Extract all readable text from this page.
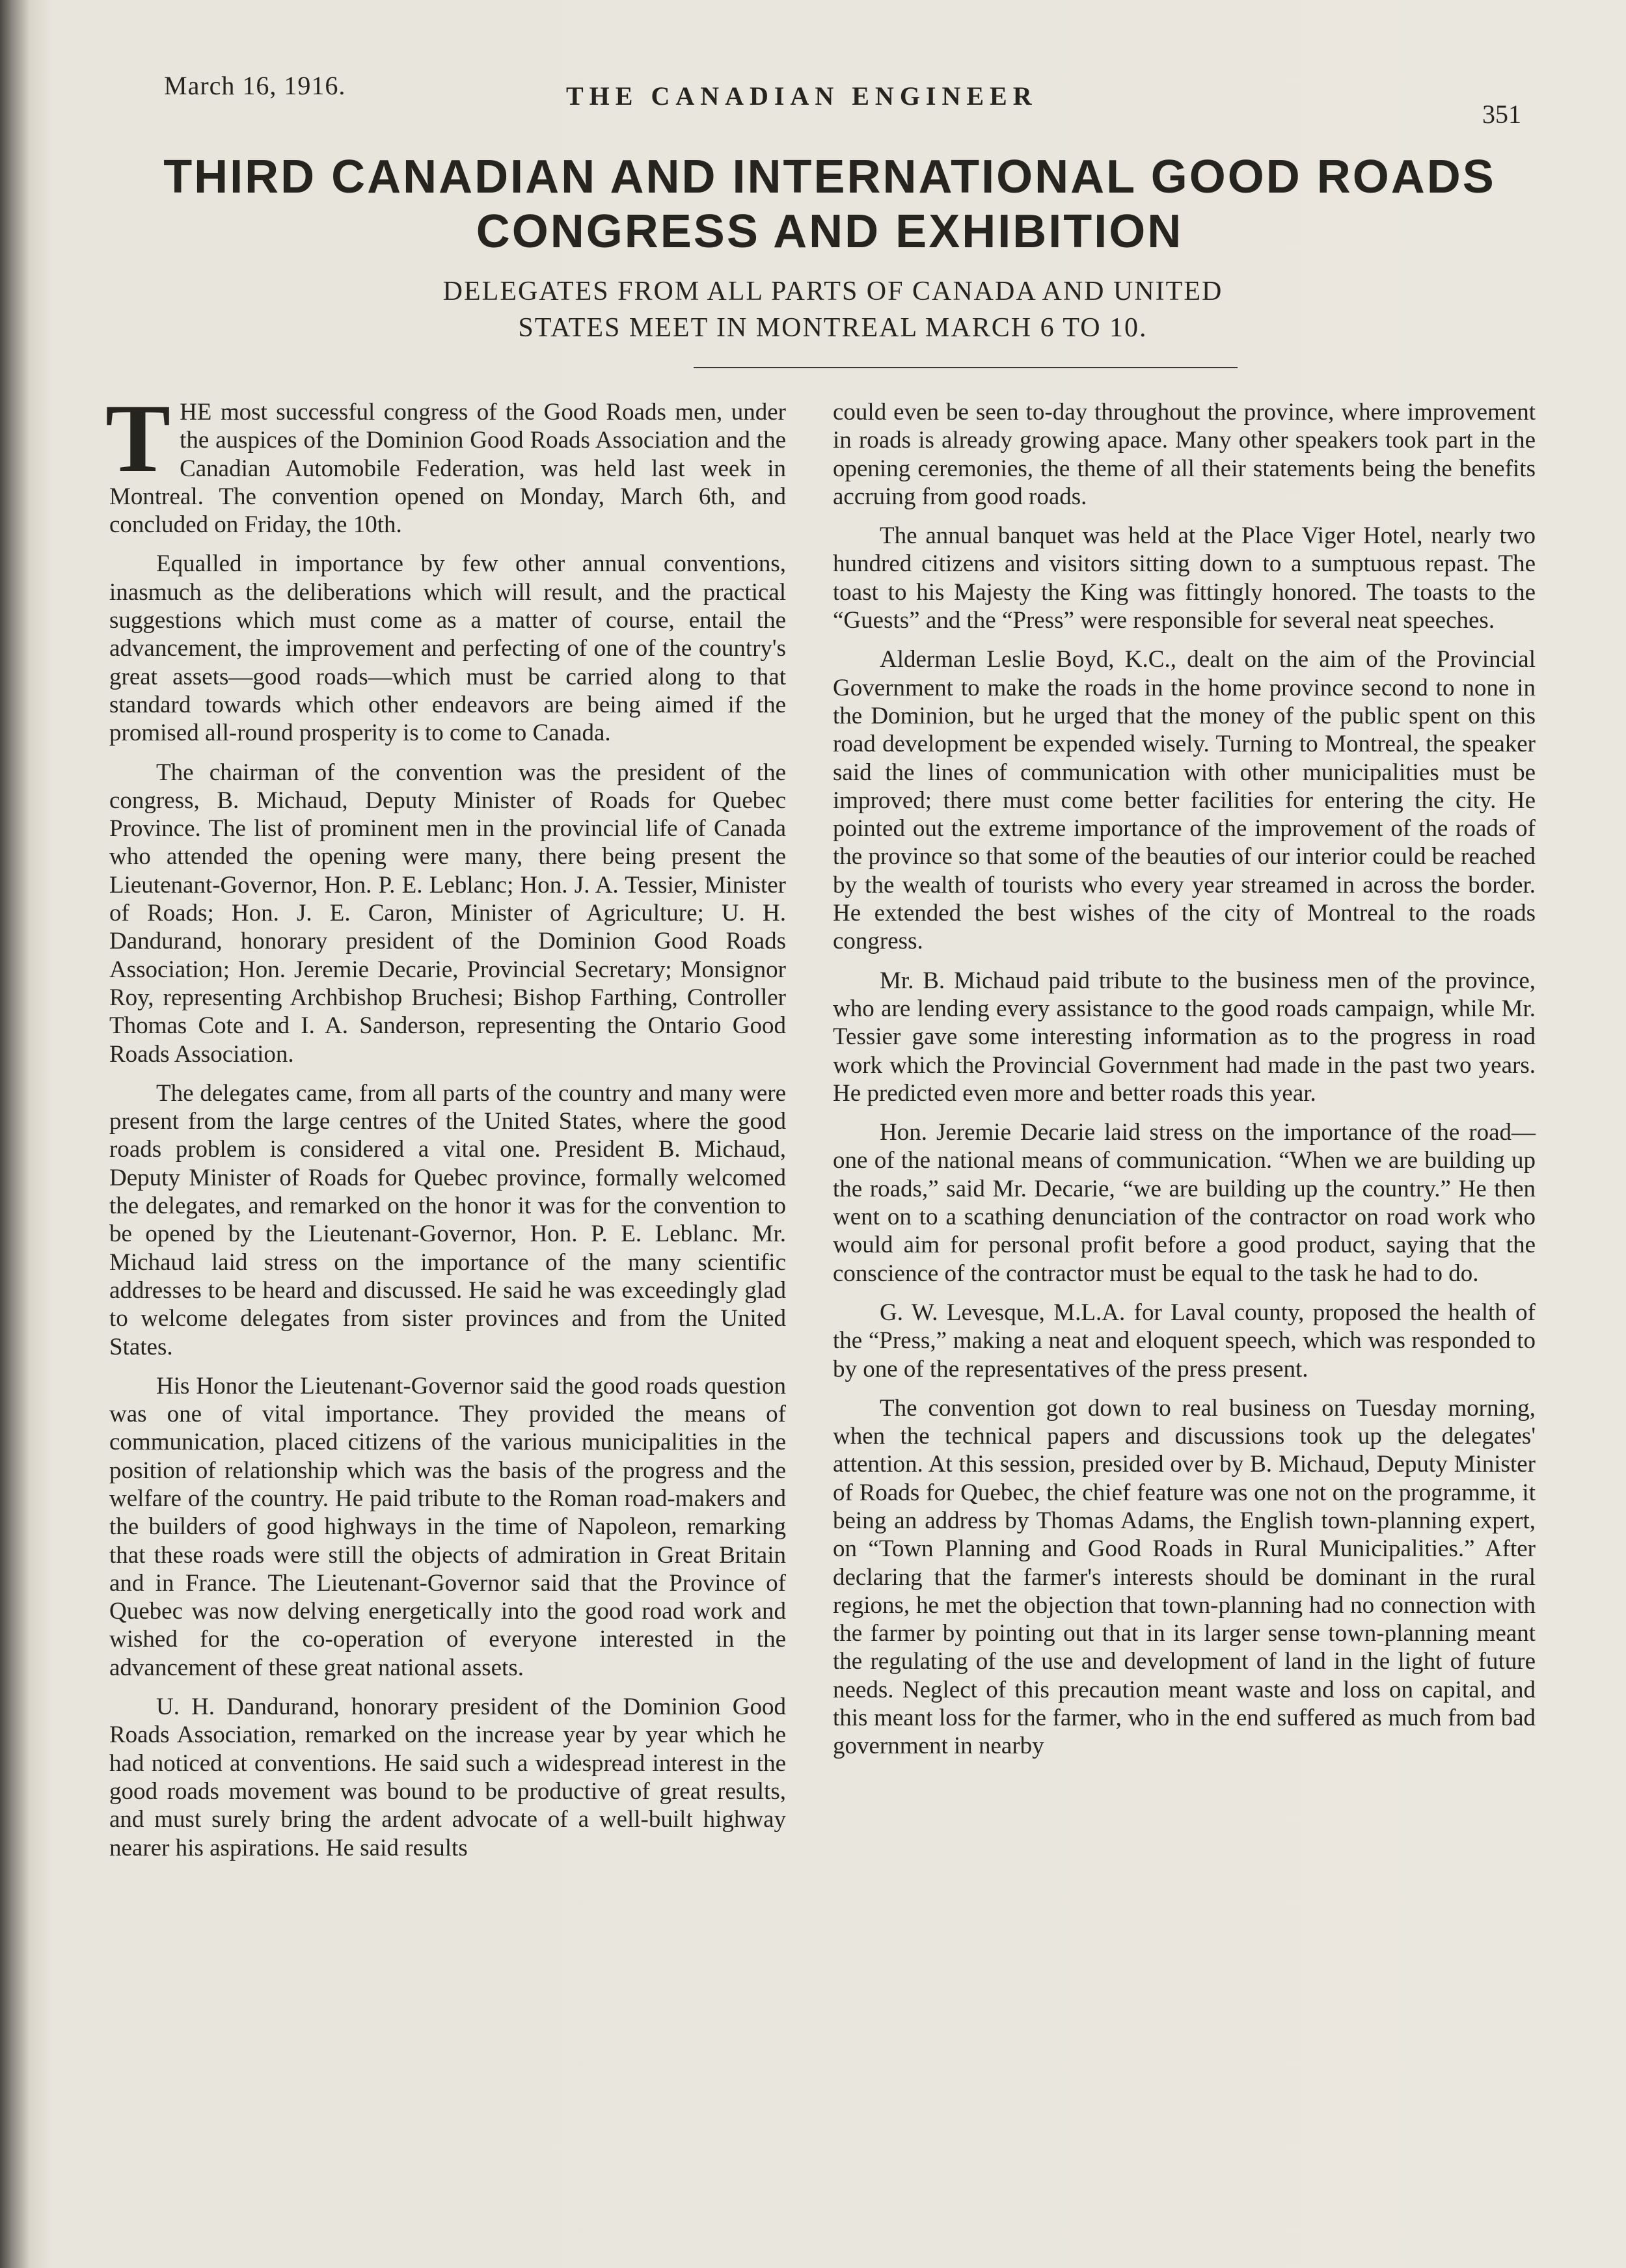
March 16, 1916.	THE CANADIAN ENGINEER
351
THIRD CANADIAN AND INTERNATIONAL GOOD ROADS
CONGRESS AND EXHIBITION
DELEGATES FROM ALL PARTS OF CANADA AND UNITED
STATES MEET IN MONTREAL MARCH 6 TO 10.

THE most successful congress of the Good Roads men, under the auspices of the Dominion Good Roads Association and the Canadian Automobile Federation, was held last week in Montreal. The convention opened on Monday, March 6th, and concluded on Friday, the 10th.

Equalled in importance by few other annual conventions, inasmuch as the deliberations which will result, and the practical suggestions which must come as a matter of course, entail the advancement, the improvement and perfecting of one of the country's great assets—good roads—which must be carried along to that standard towards which other endeavors are being aimed if the promised all-round prosperity is to come to Canada.

The chairman of the convention was the president of the congress, B. Michaud, Deputy Minister of Roads for Quebec Province. The list of prominent men in the provincial life of Canada who attended the opening were many, there being present the Lieutenant-Governor, Hon. P. E. Leblanc; Hon. J. A. Tessier, Minister of Roads; Hon. J. E. Caron, Minister of Agriculture; U. H. Dandurand, honorary president of the Dominion Good Roads Association; Hon. Jeremie Decarie, Provincial Secretary; Monsignor Roy, representing Archbishop Bruchesi; Bishop Farthing, Controller Thomas Cote and I. A. Sanderson, representing the Ontario Good Roads Association.

The delegates came, from all parts of the country and many were present from the large centres of the United States, where the good roads problem is considered a vital one. President B. Michaud, Deputy Minister of Roads for Quebec province, formally welcomed the delegates, and remarked on the honor it was for the convention to be opened by the Lieutenant-Governor, Hon. P. E. Leblanc. Mr. Michaud laid stress on the importance of the many scientific addresses to be heard and discussed. He said he was exceedingly glad to welcome delegates from sister provinces and from the United States.

His Honor the Lieutenant-Governor said the good roads question was one of vital importance. They provided the means of communication, placed citizens of the various municipalities in the position of relationship which was the basis of the progress and the welfare of the country. He paid tribute to the Roman road-makers and the builders of good highways in the time of Napoleon, remarking that these roads were still the objects of admiration in Great Britain and in France. The Lieutenant-Governor said that the Province of Quebec was now delving energetically into the good road work and wished for the co-operation of everyone interested in the advancement of these great national assets.

U. H. Dandurand, honorary president of the Dominion Good Roads Association, remarked on the increase year by year which he had noticed at conventions. He said such a widespread interest in the good roads movement was bound to be productive of great results, and must surely bring the ardent advocate of a well-built highway nearer his aspirations. He said results

could even be seen to-day throughout the province, where improvement in roads is already growing apace. Many other speakers took part in the opening ceremonies, the theme of all their statements being the benefits accruing from good roads.

The annual banquet was held at the Place Viger Hotel, nearly two hundred citizens and visitors sitting down to a sumptuous repast. The toast to his Majesty the King was fittingly honored. The toasts to the “Guests” and the “Press” were responsible for several neat speeches.

Alderman Leslie Boyd, K.C., dealt on the aim of the Provincial Government to make the roads in the home province second to none in the Dominion, but he urged that the money of the public spent on this road development be expended wisely. Turning to Montreal, the speaker said the lines of communication with other municipalities must be improved; there must come better facilities for entering the city. He pointed out the extreme importance of the improvement of the roads of the province so that some of the beauties of our interior could be reached by the wealth of tourists who every year streamed in across the border. He extended the best wishes of the city of Montreal to the roads congress.

Mr. B. Michaud paid tribute to the business men of the province, who are lending every assistance to the good roads campaign, while Mr. Tessier gave some interesting information as to the progress in road work which the Provincial Government had made in the past two years. He predicted even more and better roads this year.

Hon. Jeremie Decarie laid stress on the importance of the road—one of the national means of communication. “When we are building up the roads,” said Mr. Decarie, “we are building up the country.” He then went on to a scathing denunciation of the contractor on road work who would aim for personal profit before a good product, saying that the conscience of the contractor must be equal to the task he had to do.

G. W. Levesque, M.L.A. for Laval county, proposed the health of the “Press,” making a neat and eloquent speech, which was responded to by one of the representatives of the press present.

The convention got down to real business on Tuesday morning, when the technical papers and discussions took up the delegates' attention. At this session, presided over by B. Michaud, Deputy Minister of Roads for Quebec, the chief feature was one not on the programme, it being an address by Thomas Adams, the English town-planning expert, on “Town Planning and Good Roads in Rural Municipalities.” After declaring that the farmer's interests should be dominant in the rural regions, he met the objection that town-planning had no connection with the farmer by pointing out that in its larger sense town-planning meant the regulating of the use and development of land in the light of future needs. Neglect of this precaution meant waste and loss on capital, and this meant loss for the farmer, who in the end suffered as much from bad government in nearby
